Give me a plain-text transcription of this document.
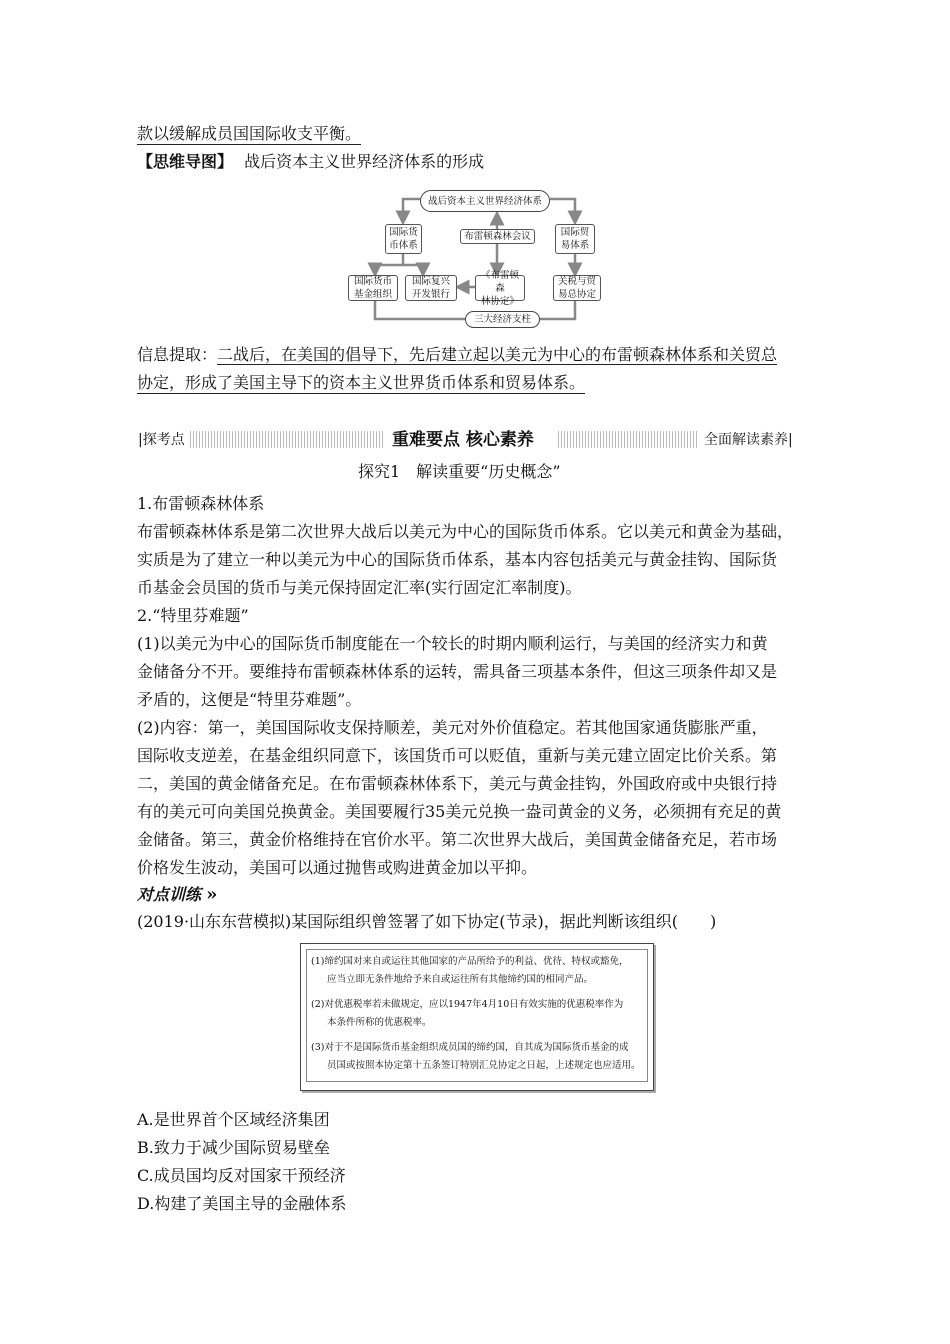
款以缓解成员国国际收支平衡。
【思维导图】 战后资本主义世界经济体系的形成
战后资本主义世界经济体系
国际货
币体系
布雷顿森林会议	国际贸
易体系
国际货币
基金组织
国际复兴
开发银行
《布雷顿森
林协定》
关税与贸
易总协定
三大经济支柱
信息提取：二战后，在美国的倡导下，先后建立起以美元为中心的布雷顿森林体系和关贸总
协定，形成了美国主导下的资本主义世界货币体系和贸易体系。
|探考点	重难要点 核心素养	全面解读素养|
探究1　解读重要“历史概念”
1.布雷顿森林体系
布雷顿森林体系是第二次世界大战后以美元为中心的国际货币体系。它以美元和黄金为基础，
实质是为了建立一种以美元为中心的国际货币体系，基本内容包括美元与黄金挂钩、国际货
币基金会员国的货币与美元保持固定汇率(实行固定汇率制度)。
2.“特里芬难题”
(1)以美元为中心的国际货币制度能在一个较长的时期内顺利运行，与美国的经济实力和黄
金储备分不开。要维持布雷顿森林体系的运转，需具备三项基本条件，但这三项条件却又是
矛盾的，这便是“特里芬难题”。
(2)内容：第一，美国国际收支保持顺差，美元对外价值稳定。若其他国家通货膨胀严重，
国际收支逆差，在基金组织同意下，该国货币可以贬值，重新与美元建立固定比价关系。第
二，美国的黄金储备充足。在布雷顿森林体系下，美元与黄金挂钩，外国政府或中央银行持
有的美元可向美国兑换黄金。美国要履行35美元兑换一盎司黄金的义务，必须拥有充足的黄
金储备。第三，黄金价格维持在官价水平。第二次世界大战后，美国黄金储备充足，若市场
价格发生波动，美国可以通过抛售或购进黄金加以平抑。
对点训练 »
(2019·山东东营模拟)某国际组织曾签署了如下协定(节录)，据此判断该组织(　　)
(1)缔约国对来自或运往其他国家的产品所给予的利益、优待、特权或豁免，
应当立即无条件地给予来自或运往所有其他缔约国的相同产品。
(2)对优惠税率若未做规定，应以1947年4月10日有效实施的优惠税率作为
本条件所称的优惠税率。
(3)对于不是国际货币基金组织成员国的缔约国，自其成为国际货币基金的成
员国或按照本协定第十五条签订特别汇兑协定之日起，上述规定也应适用。
A.是世界首个区域经济集团
B.致力于减少国际贸易壁垒
C.成员国均反对国家干预经济
D.构建了美国主导的金融体系
